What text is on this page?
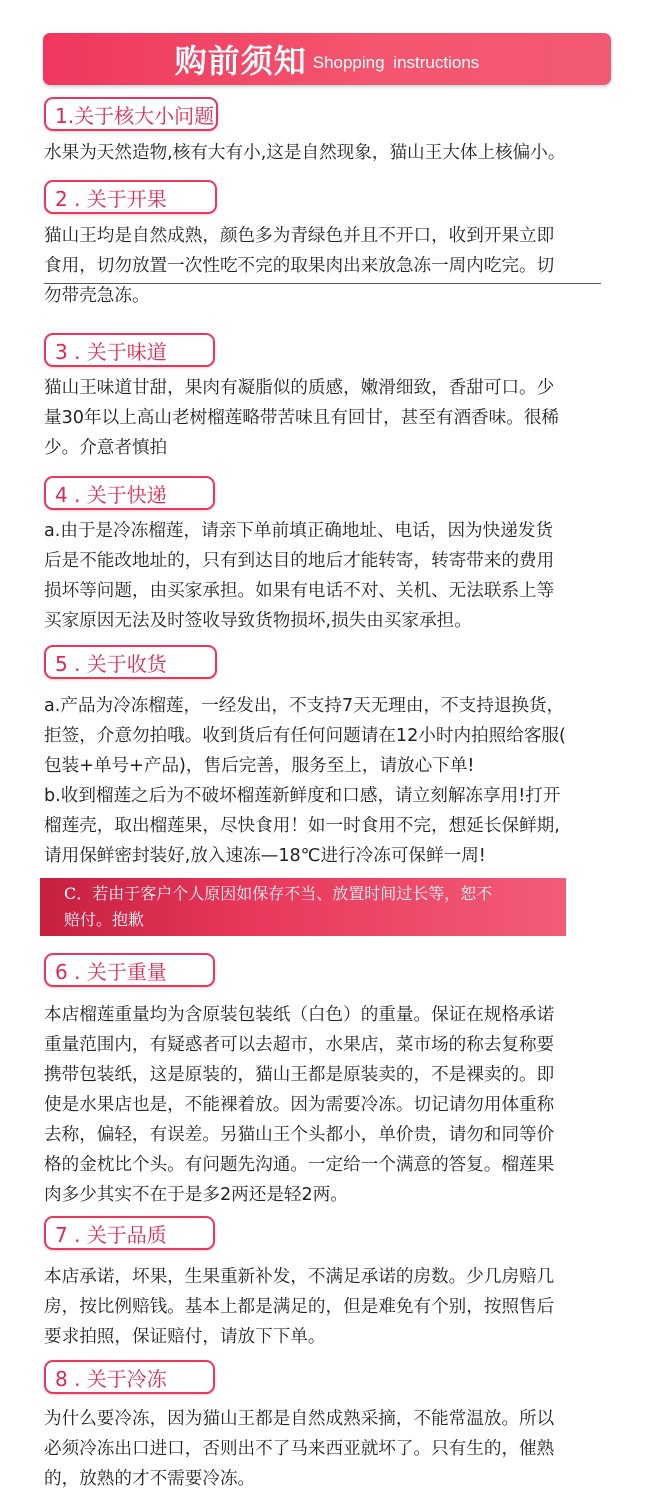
购前须知 Shopping instructions
1.关于核大小问题
水果为天然造物,核有大有小,这是自然现象，猫山王大体上核偏小。
2 . 关于开果
猫山王均是自然成熟，颜色多为青绿色并且不开口，收到开果立即
食用，切勿放置一次性吃不完的取果肉出来放急冻一周内吃完。切
勿带壳急冻。
3 . 关于味道
猫山王味道甘甜，果肉有凝脂似的质感，嫩滑细致，香甜可口。少
量30年以上高山老树榴莲略带苦味且有回甘，甚至有酒香味。很稀
少。介意者慎拍
4 . 关于快递
a.由于是冷冻榴莲，请亲下单前填正确地址、电话，因为快递发货
后是不能改地址的，只有到达目的地后才能转寄，转寄带来的费用
损坏等问题，由买家承担。如果有电话不对、关机、无法联系上等
买家原因无法及时签收导致货物损坏,损失由买家承担。
5 . 关于收货
a.产品为冷冻榴莲，一经发出，不支持7天无理由，不支持退换货，
拒签，介意勿拍哦。收到货后有任何问题请在12小时内拍照给客服(
包装+单号+产品)，售后完善，服务至上，请放心下单!
b.收到榴莲之后为不破坏榴莲新鲜度和口感，请立刻解冻享用!打开
榴莲壳，取出榴莲果，尽快食用！如一时食用不完，想延长保鲜期,
请用保鲜密封装好,放入速冻—18℃进行冷冻可保鲜一周!
C．若由于客户个人原因如保存不当、放置时间过长等，恕不
赔付。抱歉
6 . 关于重量
本店榴莲重量均为含原装包装纸（白色）的重量。保证在规格承诺
重量范围内，有疑惑者可以去超市，水果店，菜市场的称去复称要
携带包装纸，这是原装的，猫山王都是原装卖的，不是裸卖的。即
使是水果店也是，不能裸着放。因为需要冷冻。切记请勿用体重称
去称，偏轻，有误差。另猫山王个头都小，单价贵，请勿和同等价
格的金枕比个头。有问题先沟通。一定给一个满意的答复。榴莲果
肉多少其实不在于是多2两还是轻2两。
7 . 关于品质
本店承诺，坏果，生果重新补发，不满足承诺的房数。少几房赔几
房，按比例赔钱。基本上都是满足的，但是难免有个别，按照售后
要求拍照，保证赔付，请放下下单。
8 . 关于冷冻
为什么要冷冻，因为猫山王都是自然成熟采摘，不能常温放。所以
必须冷冻出口进口，否则出不了马来西亚就坏了。只有生的，催熟
的，放熟的才不需要冷冻。
